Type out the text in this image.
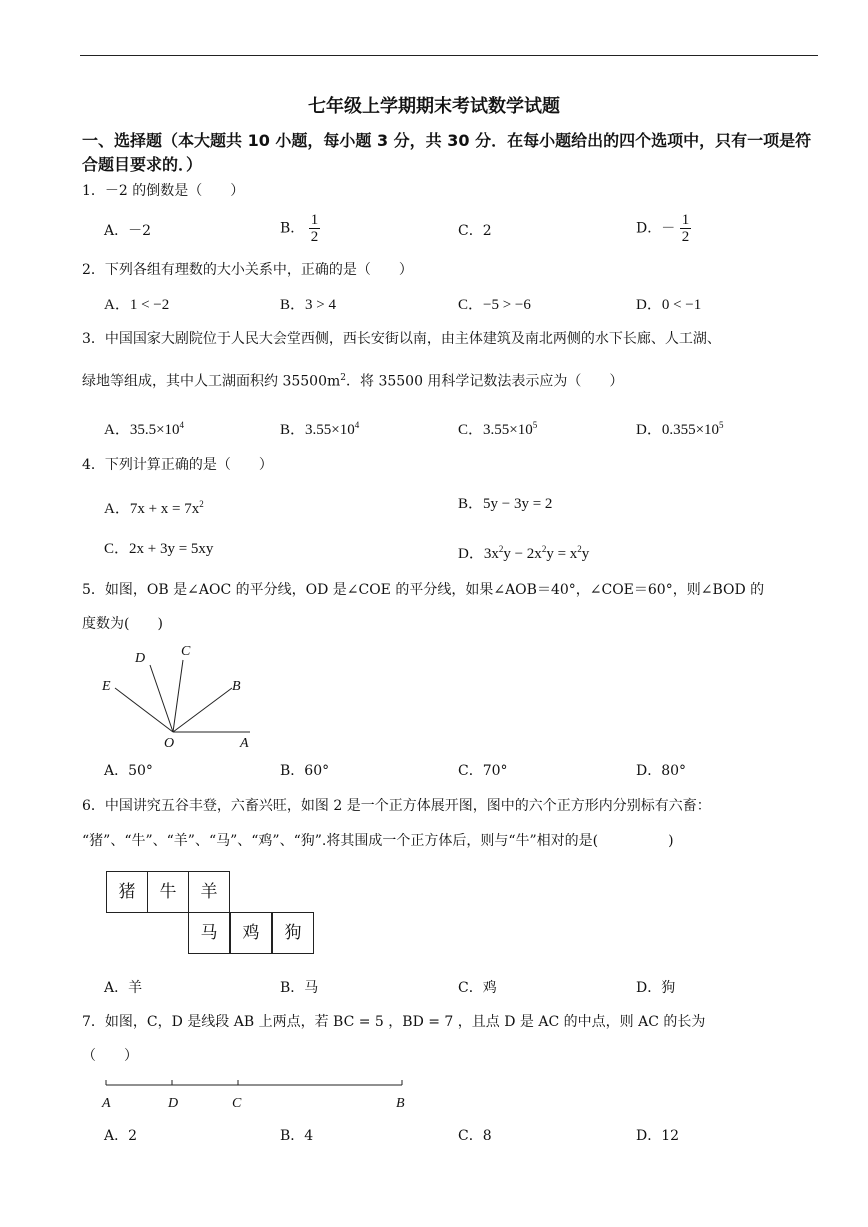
七年级上学期期末考试数学试题
一、选择题（本大题共 10 小题，每小题 3 分，共 30 分．在每小题给出的四个选项中，只有一项是符合题目要求的．）
1．－2 的倒数是（　　）
A．－2	B． $\frac{1}{2}$	C．2	D．－ $\frac{1}{2}$
2．下列各组有理数的大小关系中，正确的是（　　）
A．1 < −2	B．3 > 4	C．−5 > −6	D．0 < −1
3．中国国家大剧院位于人民大会堂西侧，西长安街以南，由主体建筑及南北两侧的水下长廊、人工湖、
绿地等组成，其中人工湖面积约 $35500m^2$．将 35500 用科学记数法表示应为（　　）
A．$35.5\times 10^4$	B．$3.55\times 10^4$	C．$3.55\times 10^5$	D．$0.355\times 10^5$
4．下列计算正确的是（　　）
A．$7x + x = 7x^2$	B．5y − 3y = 2
C．2x + 3y = 5xy	D．$3x^2y - 2x^2y = x^2y$
5．如图，OB 是∠AOC 的平分线，OD 是∠COE 的平分线，如果∠AOB＝40°，∠COE＝60°，则∠BOD 的
度数为(　　)
D	C
E	B
O	A
A．50°	B．60°	C．70°	D．80°
6．中国讲究五谷丰登，六畜兴旺，如图 2 是一个正方体展开图，图中的六个正方形内分别标有六畜：
“猪”、“牛”、“羊”、“马”、“鸡”、“狗”.将其围成一个正方体后，则与“牛”相对的是(　　　　　)
猪	牛	羊
马	鸡	狗
A．羊	B．马	C．鸡	D．狗
7．如图，C，D 是线段 AB 上两点，若 BC = 5 ，BD = 7 ，且点 D 是 AC 的中点，则 AC 的长为
（　　）
A	D	C	B
A．2	B．4	C．8	D．12
